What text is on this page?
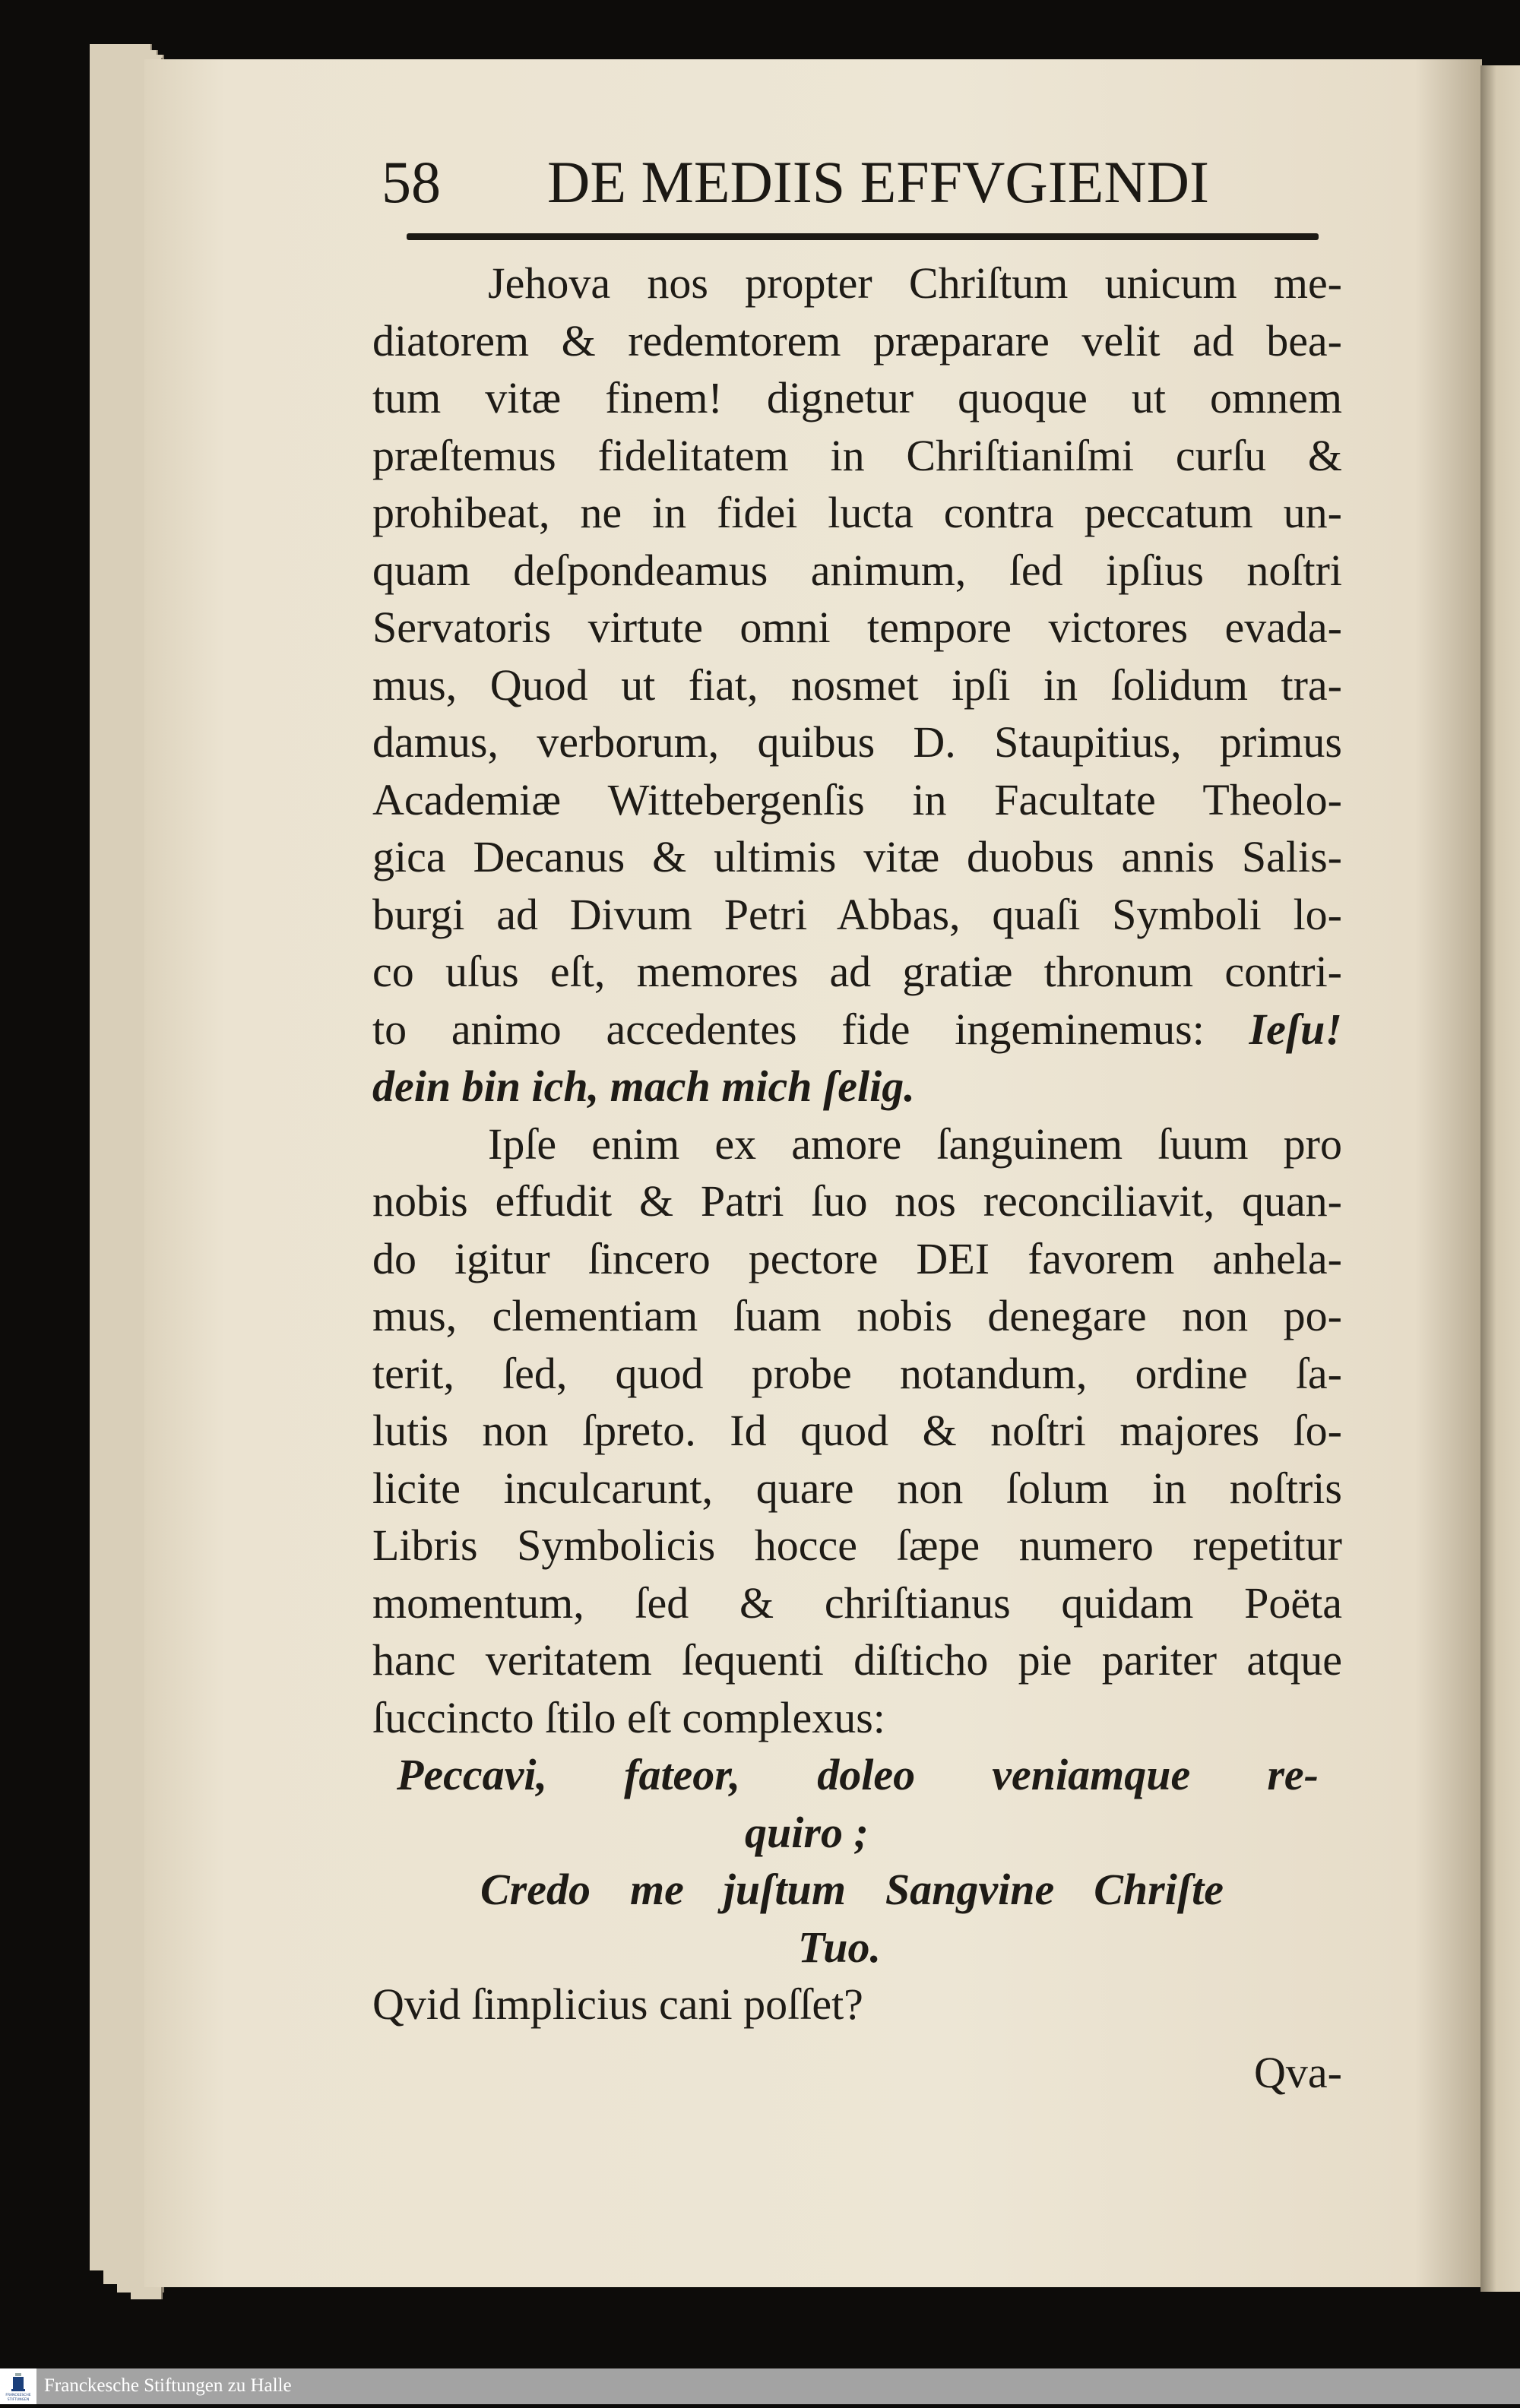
58 DE MEDIIS EFFVGIENDI
Jehova nos propter Chriſtum unicum me-
diatorem & redemtorem præparare velit ad bea-
tum vitæ finem! dignetur quoque ut omnem
præſtemus fidelitatem in Chriſtianiſmi curſu &
prohibeat, ne in fidei lucta contra peccatum un-
quam deſpondeamus animum, ſed ipſius noſtri
Servatoris virtute omni tempore victores evada-
mus, Quod ut fiat, nosmet ipſi in ſolidum tra-
damus, verborum, quibus D. Staupitius, primus
Academiæ Wittebergenſis in Facultate Theolo-
gica Decanus & ultimis vitæ duobus annis Salis-
burgi ad Divum Petri Abbas, quaſi Symboli lo-
co uſus eſt, memores ad gratiæ thronum contri-
to animo accedentes fide ingeminemus: Ieſu!
dein bin ich, mach mich ſelig.
Ipſe enim ex amore ſanguinem ſuum pro
nobis effudit & Patri ſuo nos reconciliavit, quan-
do igitur ſincero pectore DEI favorem anhela-
mus, clementiam ſuam nobis denegare non po-
terit, ſed, quod probe notandum, ordine ſa-
lutis non ſpreto. Id quod & noſtri majores ſo-
licite inculcarunt, quare non ſolum in noſtris
Libris Symbolicis hocce ſæpe numero repetitur
momentum, ſed & chriſtianus quidam Poëta
hanc veritatem ſequenti diſticho pie pariter atque
ſuccincto ſtilo eſt complexus:
Peccavi, fateor, doleo veniamque re-
quiro ;
Credo me juſtum Sangvine Chriſte
Tuo.
Qvid ſimplicius cani poſſet?
Qva-
FRANCKESCHE
STIFTUNGEN
Franckesche Stiftungen zu Halle
